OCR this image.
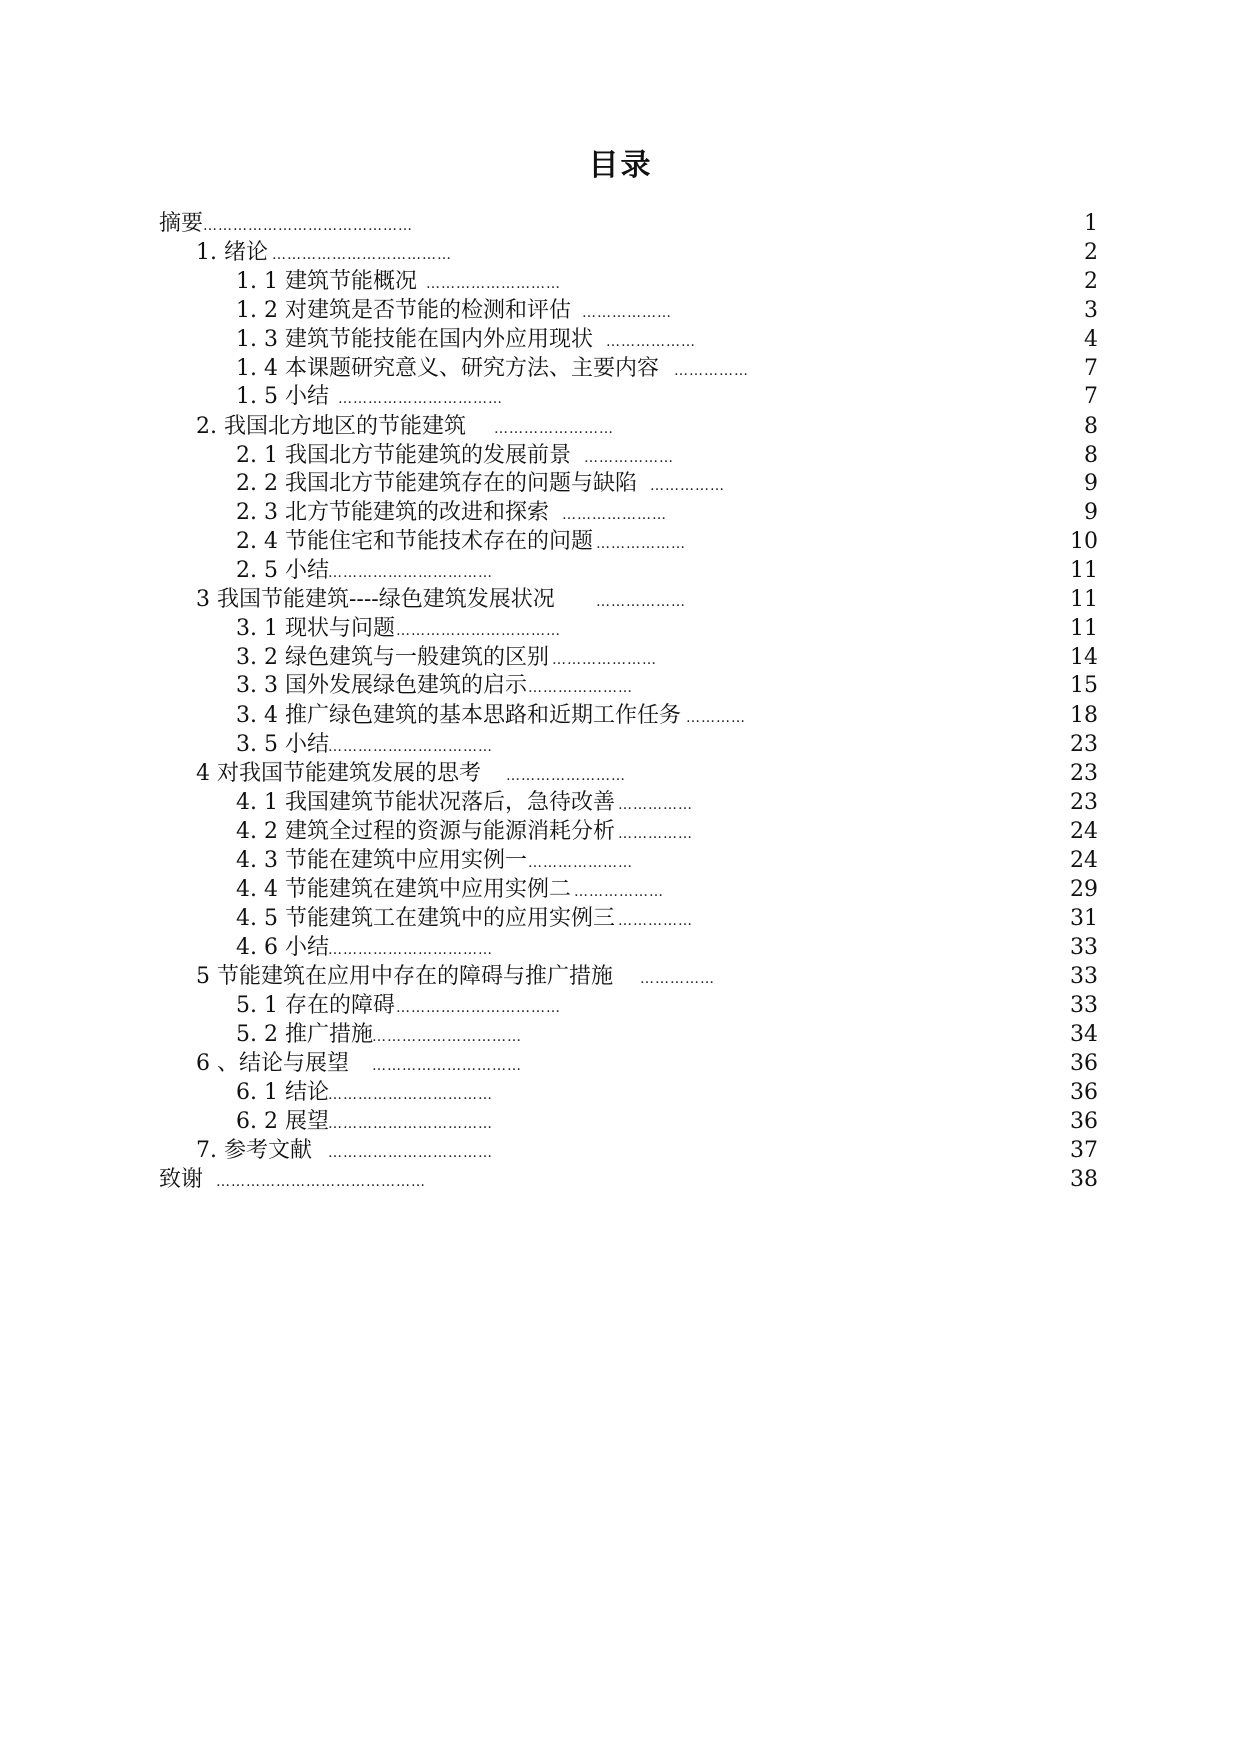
目录
摘要 ……………………………………	1
1. 绪论 ………………………………	2
1. 1 建筑节能概况 ………………………	2
1. 2 对建筑是否节能的检测和评估 ………………	3
1. 3 建筑节能技能在国内外应用现状 ………………	4
1. 4 本课题研究意义、研究方法、主要内容 ……………	7
1. 5 小结 ……………………………	7
2. 我国北方地区的节能建筑 ……………………	8
2. 1 我国北方节能建筑的发展前景 ………………	8
2. 2 我国北方节能建筑存在的问题与缺陷 ……………	9
2. 3 北方节能建筑的改进和探索 …………………	9
2. 4 节能住宅和节能技术存在的问题 ………………	10
2. 5 小结 ……………………………	11
3 我国节能建筑----绿色建筑发展状况	………………	11
3. 1 现状与问题 ……………………………	11
3. 2 绿色建筑与一般建筑的区别 …………………	14
3. 3 国外发展绿色建筑的启示 …………………	15
3. 4 推广绿色建筑的基本思路和近期工作任务 …………	18
3. 5 小结 ……………………………	23
4 对我国节能建筑发展的思考 ……………………	23
4. 1 我国建筑节能状况落后，急待改善 ……………	23
4. 2 建筑全过程的资源与能源消耗分析 ……………	24
4. 3 节能在建筑中应用实例一 …………………	24
4. 4 节能建筑在建筑中应用实例二 ………………	29
4. 5 节能建筑工在建筑中的应用实例三 ……………	31
4. 6 小结 ……………………………	33
5 节能建筑在应用中存在的障碍与推广措施 ……………	33
5. 1 存在的障碍 ……………………………	33
5. 2 推广措施 …………………………	34
6 、结论与展望 …………………………	36
6. 1 结论 ……………………………	36
6. 2 展望 ……………………………	36
7. 参考文献 ……………………………	37
致谢 ……………………………………	38
